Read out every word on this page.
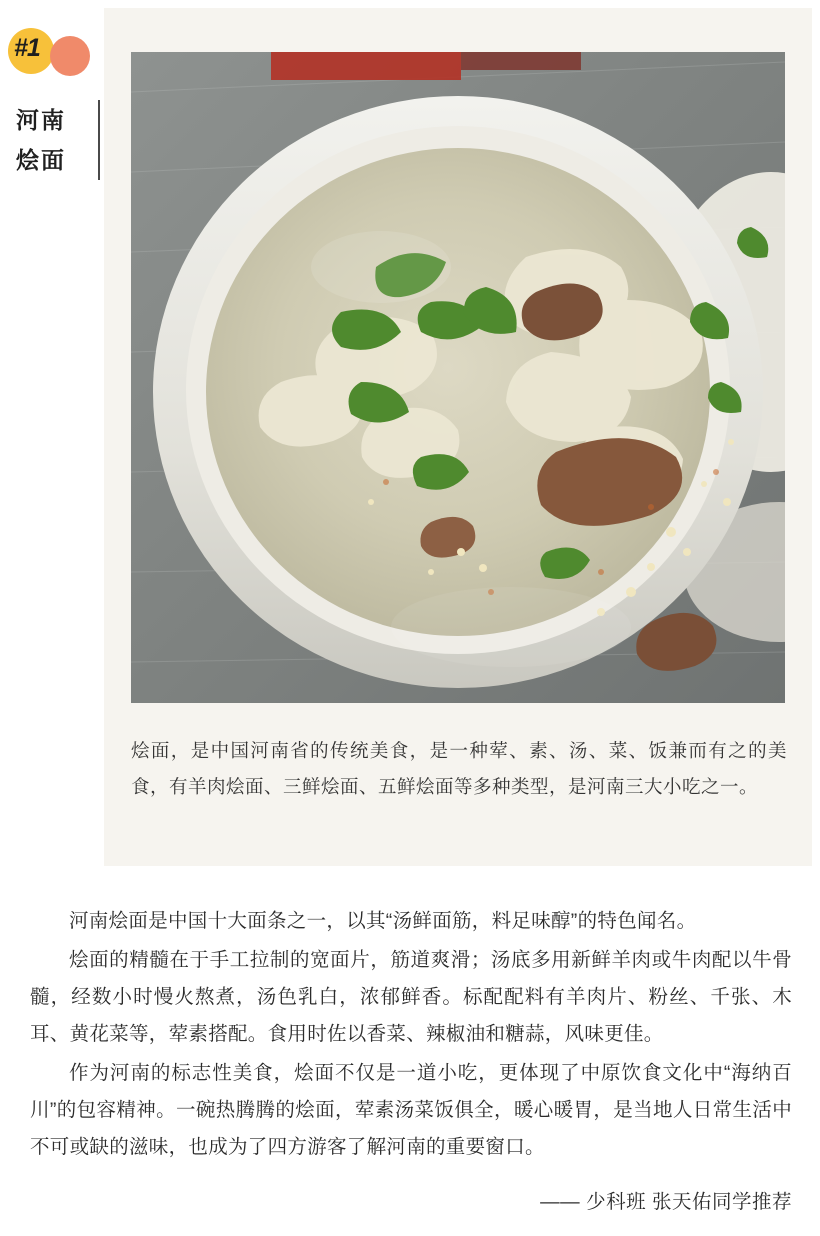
#1
河南
烩面
烩面，是中国河南省的传统美食，是一种荤、素、汤、菜、饭兼而有之的美食，有羊肉烩面、三鲜烩面、五鲜烩面等多种类型，是河南三大小吃之一。

河南烩面是中国十大面条之一，以其“汤鲜面筋，料足味醇”的特色闻名。

烩面的精髓在于手工拉制的宽面片，筋道爽滑；汤底多用新鲜羊肉或牛肉配以牛骨髓，经数小时慢火熬煮，汤色乳白，浓郁鲜香。标配配料有羊肉片、粉丝、千张、木耳、黄花菜等，荤素搭配。食用时佐以香菜、辣椒油和糖蒜，风味更佳。

作为河南的标志性美食，烩面不仅是一道小吃，更体现了中原饮食文化中“海纳百川”的包容精神。一碗热腾腾的烩面，荤素汤菜饭俱全，暖心暖胃，是当地人日常生活中不可或缺的滋味，也成为了四方游客了解河南的重要窗口。

—— 少科班 张天佑同学推荐
